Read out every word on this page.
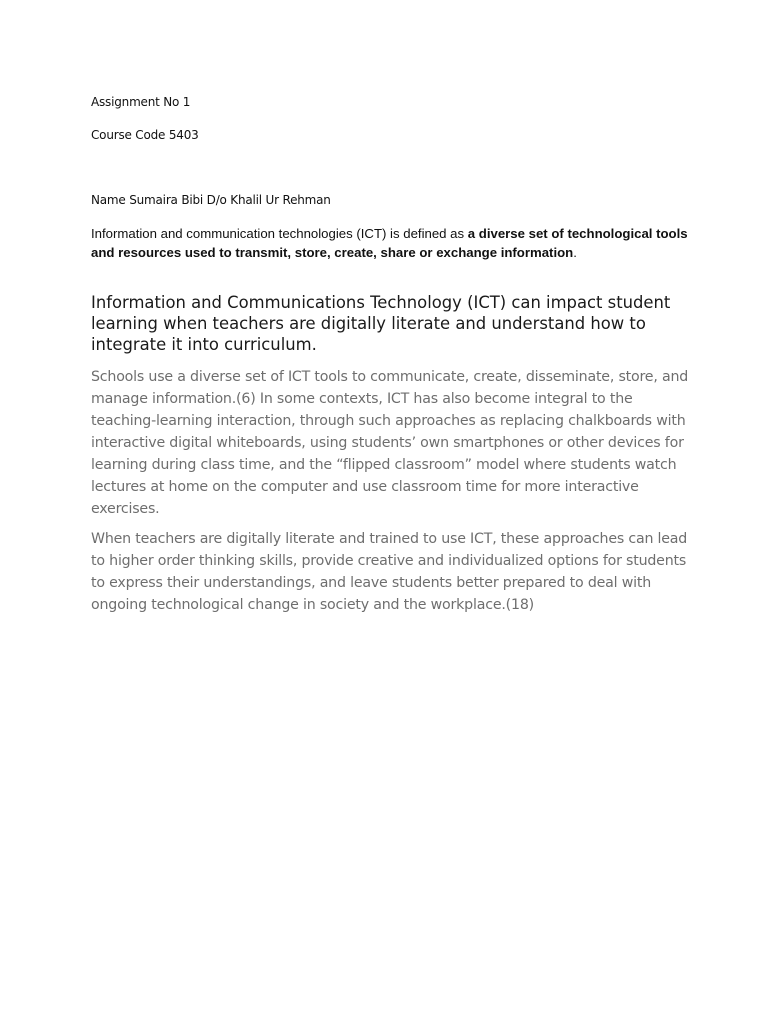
Assignment No 1
Course Code 5403
Name Sumaira Bibi D/o Khalil Ur Rehman
Information and communication technologies (ICT) is defined as a diverse set of technological tools and resources used to transmit, store, create, share or exchange information.
Information and Communications Technology (ICT) can impact student learning when teachers are digitally literate and understand how to integrate it into curriculum.
Schools use a diverse set of ICT tools to communicate, create, disseminate, store, and manage information.(6) In some contexts, ICT has also become integral to the teaching-learning interaction, through such approaches as replacing chalkboards with interactive digital whiteboards, using students’ own smartphones or other devices for learning during class time, and the “flipped classroom” model where students watch lectures at home on the computer and use classroom time for more interactive exercises.
When teachers are digitally literate and trained to use ICT, these approaches can lead to higher order thinking skills, provide creative and individualized options for students to express their understandings, and leave students better prepared to deal with ongoing technological change in society and the workplace.(18)
